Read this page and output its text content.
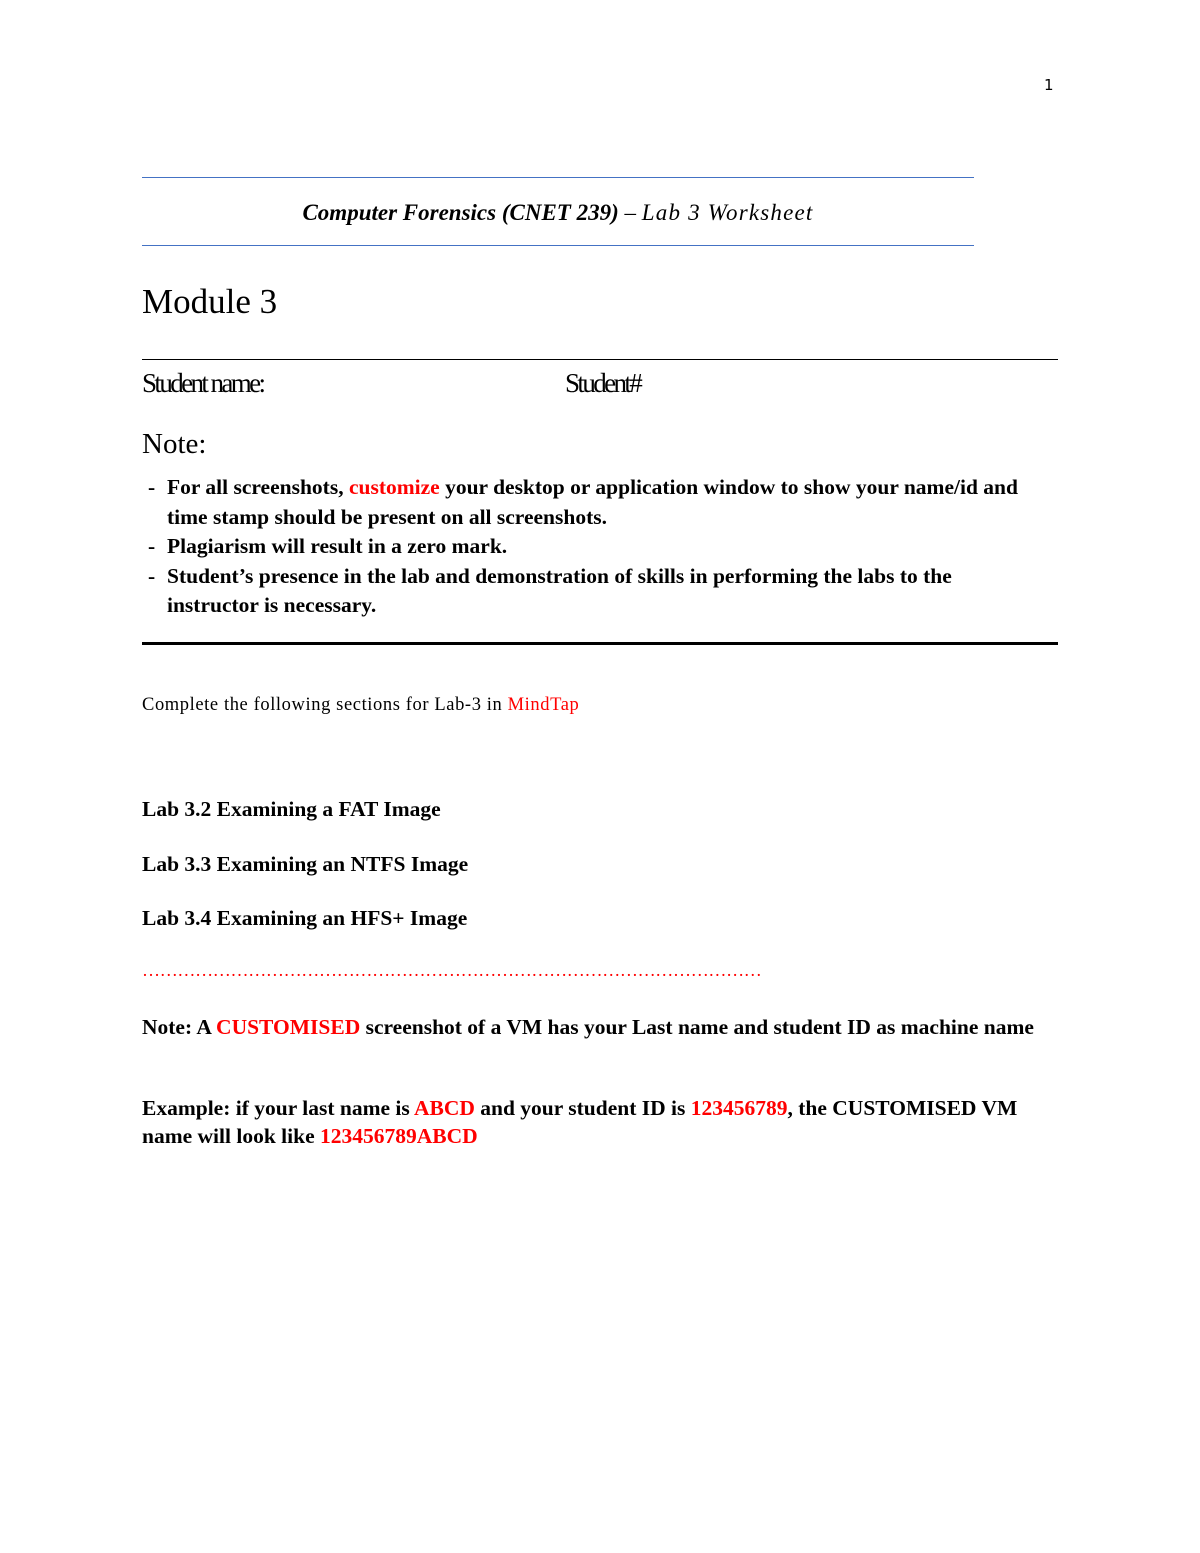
1
Computer Forensics (CNET 239) – Lab 3 Worksheet
Module 3
Student name:	Student#
Note:
- For all screenshots, customize your desktop or application window to show your name/id and time stamp should be present on all screenshots.
- Plagiarism will result in a zero mark.
- Student’s presence in the lab and demonstration of skills in performing the labs to the instructor is necessary.
Complete the following sections for Lab-3 in MindTap
Lab 3.2 Examining a FAT Image
Lab 3.3 Examining an NTFS Image
Lab 3.4 Examining an HFS+ Image
……………………………………………………………………………………………
Note: A CUSTOMISED screenshot of a VM has your Last name and student ID as machine name
Example: if your last name is ABCD and your student ID is 123456789, the CUSTOMISED VM name will look like 123456789ABCD
